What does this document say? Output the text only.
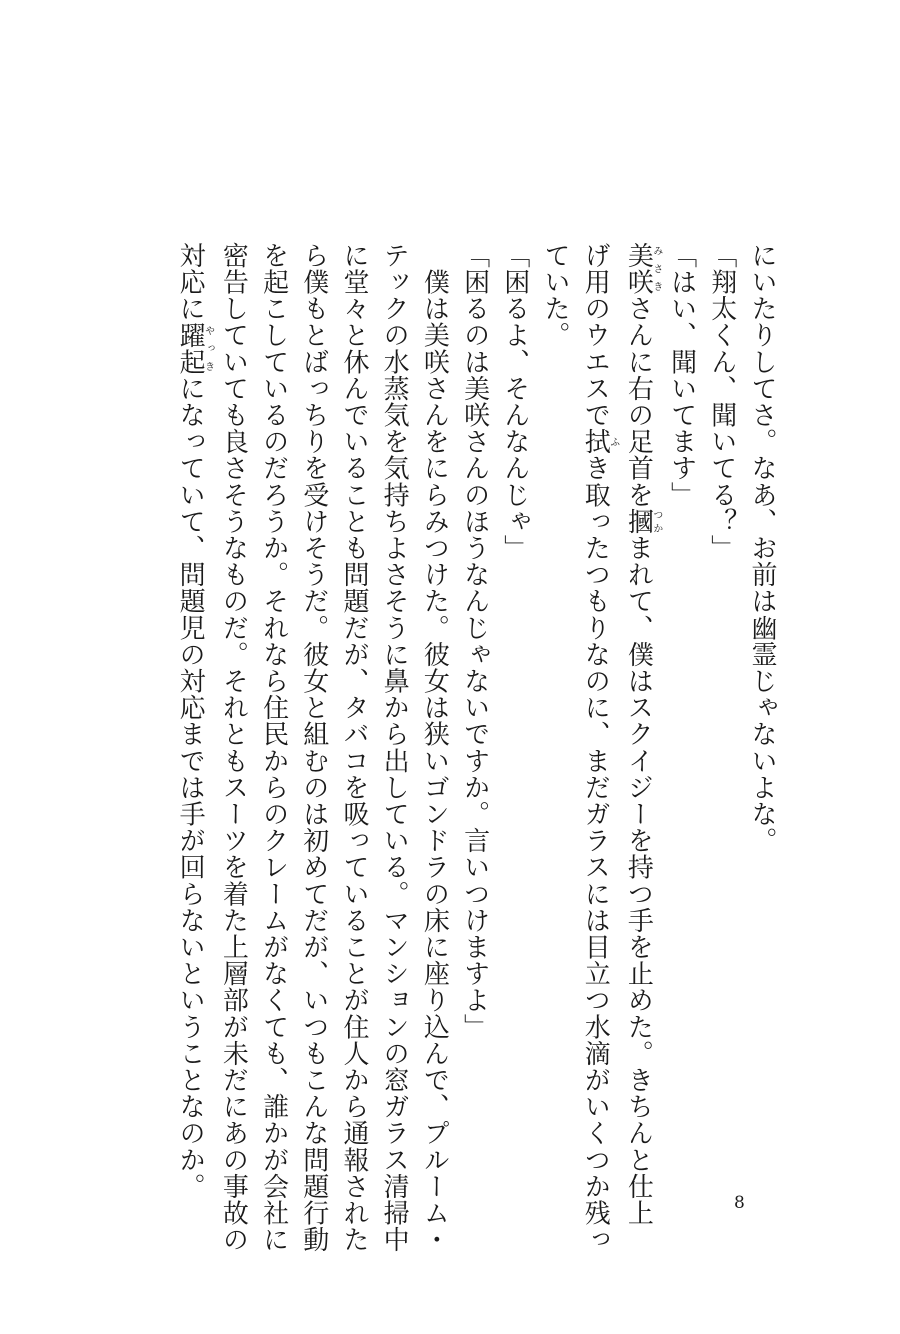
にいたりしてさ。なあ、お前は幽霊じゃないよな。
「翔太くん、聞いてる？」
「はい、聞いてます」
美咲みさきさんに右の足首を摑つかまれて、僕はスクイジーを持つ手を止めた。きちんと仕上
げ用のウエスで拭ふき取ったつもりなのに、まだガラスには目立つ水滴がいくつか残っ
ていた。
「困るよ、そんなんじゃ」
「困るのは美咲さんのほうなんじゃないですか。言いつけますよ」
　僕は美咲さんをにらみつけた。彼女は狭いゴンドラの床に座り込んで、プルーム・
テックの水蒸気を気持ちよさそうに鼻から出している。マンションの窓ガラス清掃中
に堂々と休んでいることも問題だが、タバコを吸っていることが住人から通報された
ら僕もとばっちりを受けそうだ。彼女と組むのは初めてだが、いつもこんな問題行動
を起こしているのだろうか。それなら住民からのクレームがなくても、誰かが会社に
密告していても良さそうなものだ。それともスーツを着た上層部が未だにあの事故の
対応に躍起やっきになっていて、問題児の対応までは手が回らないということなのか。
8
